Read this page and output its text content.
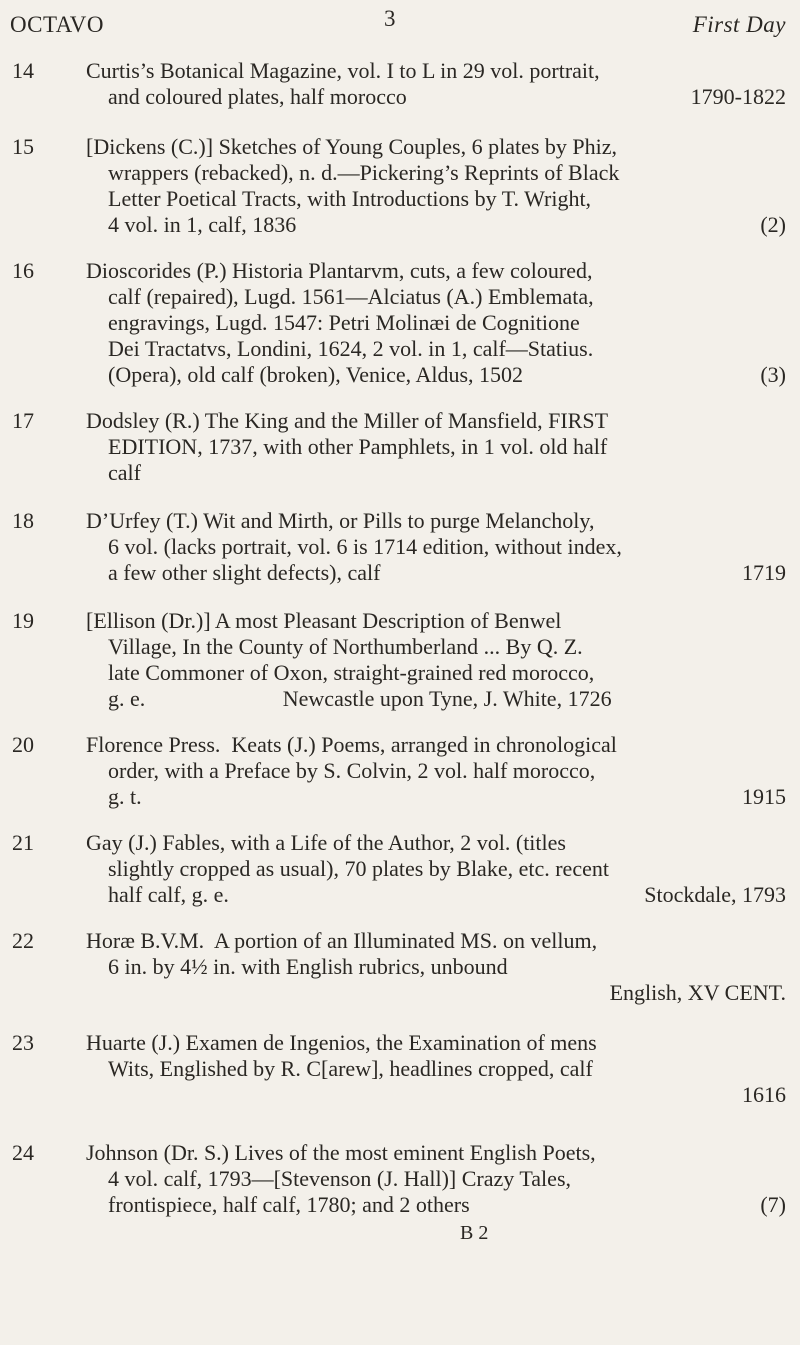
OCTAVO	3	First Day
14	Curtis’s Botanical Magazine, vol. I to L in 29 vol. portrait,
and coloured plates, half morocco	1790-1822
15	[Dickens (C.)] Sketches of Young Couples, 6 plates by Phiz,
wrappers (rebacked), n. d.—Pickering’s Reprints of Black
Letter Poetical Tracts, with Introductions by T. Wright,
4 vol. in 1, calf, 1836	(2)
16	Dioscorides (P.) Historia Plantarvm, cuts, a few coloured,
calf (repaired), Lugd. 1561—Alciatus (A.) Emblemata,
engravings, Lugd. 1547: Petri Molinæi de Cognitione
Dei Tractatvs, Londini, 1624, 2 vol. in 1, calf—Statius.
(Opera), old calf (broken), Venice, Aldus, 1502	(3)
17	Dodsley (R.) The King and the Miller of Mansfield, FIRST
EDITION, 1737, with other Pamphlets, in 1 vol. old half
calf
18	D’Urfey (T.) Wit and Mirth, or Pills to purge Melancholy,
6 vol. (lacks portrait, vol. 6 is 1714 edition, without index,
a few other slight defects), calf	1719
19	[Ellison (Dr.)] A most Pleasant Description of Benwel
Village, In the County of Northumberland ... By Q. Z.
late Commoner of Oxon, straight-grained red morocco,
g. e.                         Newcastle upon Tyne, J. White, 1726
20	Florence Press.  Keats (J.) Poems, arranged in chronological
order, with a Preface by S. Colvin, 2 vol. half morocco,
g. t.	1915
21	Gay (J.) Fables, with a Life of the Author, 2 vol. (titles
slightly cropped as usual), 70 plates by Blake, etc. recent
half calf, g. e.	Stockdale, 1793
22	Horæ B.V.M.  A portion of an Illuminated MS. on vellum,
6 in. by 4½ in. with English rubrics, unbound
English, XV CENT.
23	Huarte (J.) Examen de Ingenios, the Examination of mens
Wits, Englished by R. C[arew], headlines cropped, calf
1616
24	Johnson (Dr. S.) Lives of the most eminent English Poets,
4 vol. calf, 1793—[Stevenson (J. Hall)] Crazy Tales,
frontispiece, half calf, 1780; and 2 others	(7)
B 2
